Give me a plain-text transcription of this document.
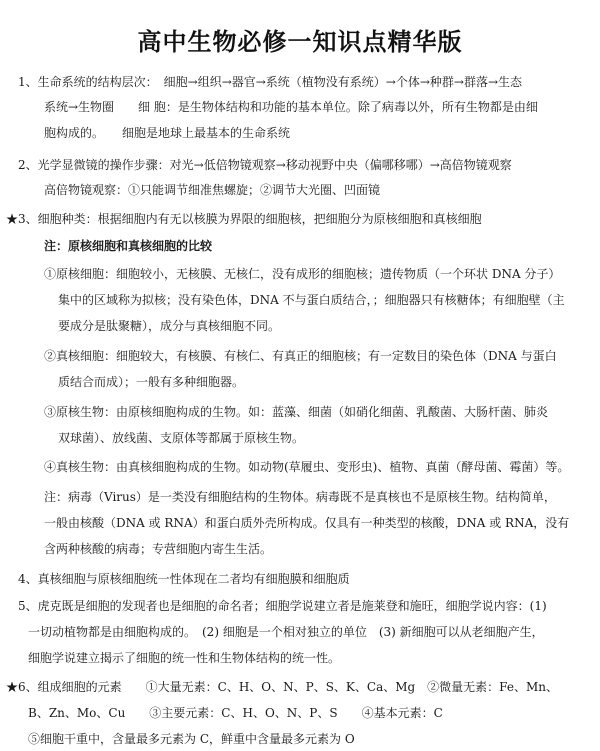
高中生物必修一知识点精华版
1、生命系统的结构层次：　细胞→组织→器官→系统（植物没有系统）→个体→种群→群落→生态
系统→生物圈　　细 胞：是生物体结构和功能的基本单位。除了病毒以外，所有生物都是由细
胞构成的。　　细胞是地球上最基本的生命系统
2、光学显微镜的操作步骤：对光→低倍物镜观察→移动视野中央（偏哪移哪）→高倍物镜观察
高倍物镜观察：①只能调节细准焦螺旋；②调节大光圈、凹面镜
★3、细胞种类：根据细胞内有无以核膜为界限的细胞核，把细胞分为原核细胞和真核细胞
注：原核细胞和真核细胞的比较
①原核细胞：细胞较小，无核膜、无核仁，没有成形的细胞核；遗传物质（一个环状 DNA 分子）
集中的区域称为拟核；没有染色体，DNA 不与蛋白质结合，；细胞器只有核糖体；有细胞壁（主
要成分是肽聚糖），成分与真核细胞不同。
②真核细胞：细胞较大，有核膜、有核仁、有真正的细胞核；有一定数目的染色体（DNA 与蛋白
质结合而成）；一般有多种细胞器。
③原核生物：由原核细胞构成的生物。如：蓝藻、细菌（如硝化细菌、乳酸菌、大肠杆菌、肺炎
双球菌）、放线菌、支原体等都属于原核生物。
④真核生物：由真核细胞构成的生物。如动物(草履虫、变形虫)、植物、真菌（酵母菌、霉菌）等。
注：病毒（Virus）是一类没有细胞结构的生物体。病毒既不是真核也不是原核生物。结构简单，
一般由核酸（DNA 或 RNA）和蛋白质外壳所构成。仅具有一种类型的核酸，DNA 或 RNA，没有
含两种核酸的病毒；专营细胞内寄生生活。
4、真核细胞与原核细胞统一性体现在二者均有细胞膜和细胞质
5、虎克既是细胞的发现者也是细胞的命名者；细胞学说建立者是施莱登和施旺，细胞学说内容：(1)
一切动植物都是由细胞构成的。　(2) 细胞是一个相对独立的单位　(3) 新细胞可以从老细胞产生，
细胞学说建立揭示了细胞的统一性和生物体结构的统一性。
★6、组成细胞的元素　　①大量无素：C、H、O、N、P、S、K、Ca、Mg　②微量无素：Fe、Mn、
B、Zn、Mo、Cu　　③主要元素：C、H、O、N、P、S　　④基本元素：C
⑤细胞干重中，含量最多元素为 C，鲜重中含量最多元素为 O
